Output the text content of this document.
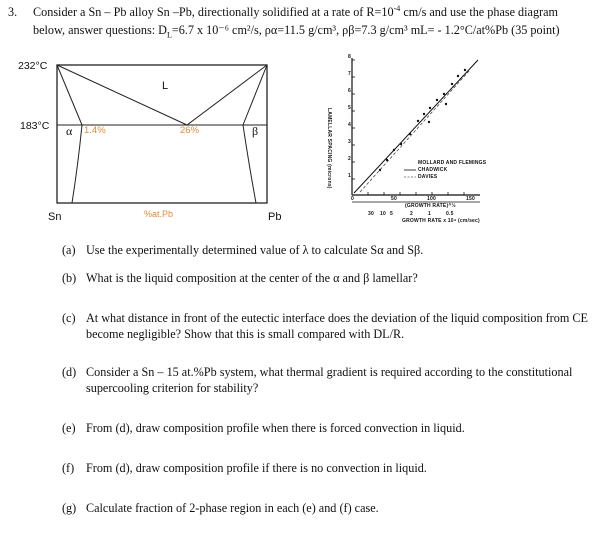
3. Consider a Sn – Pb alloy Sn –Pb, directionally solidified at a rate of $R=10^{-4}$ cm/s and use the phase diagram
below, answer questions: $D_L=6.7$ x 10⁻⁶ cm²/s, ρα=11.5 g/cm³, ρβ=7.3 g/cm³ mL= - 1.2°C/at%Pb (35 point)
232°C
183°C
L
α	β
1.4%	26%
Sn	Pb
%at.Pb
LAMELLAR SPACING (microns)
8
7
6
5
4
3
2
1
0	50	100	150
(GROWTH RATE)^½
30 10 5	2	1	0.5
GROWTH RATE x 10⁴ (cm/sec)
MOLLARD AND FLEMINGS
CHADWICK
DAVIES
(a) Use the experimentally determined value of λ to calculate Sα and Sβ.
(b) What is the liquid composition at the center of the α and β lamellar?
(c) At what distance in front of the eutectic interface does the deviation of the liquid composition from CE
become negligible? Show that this is small compared with DL/R.
(d) Consider a Sn – 15 at.%Pb system, what thermal gradient is required according to the constitutional
supercooling criterion for stability?
(e) From (d), draw composition profile when there is forced convection in liquid.
(f) From (d), draw composition profile if there is no convection in liquid.
(g) Calculate fraction of 2-phase region in each (e) and (f) case.
